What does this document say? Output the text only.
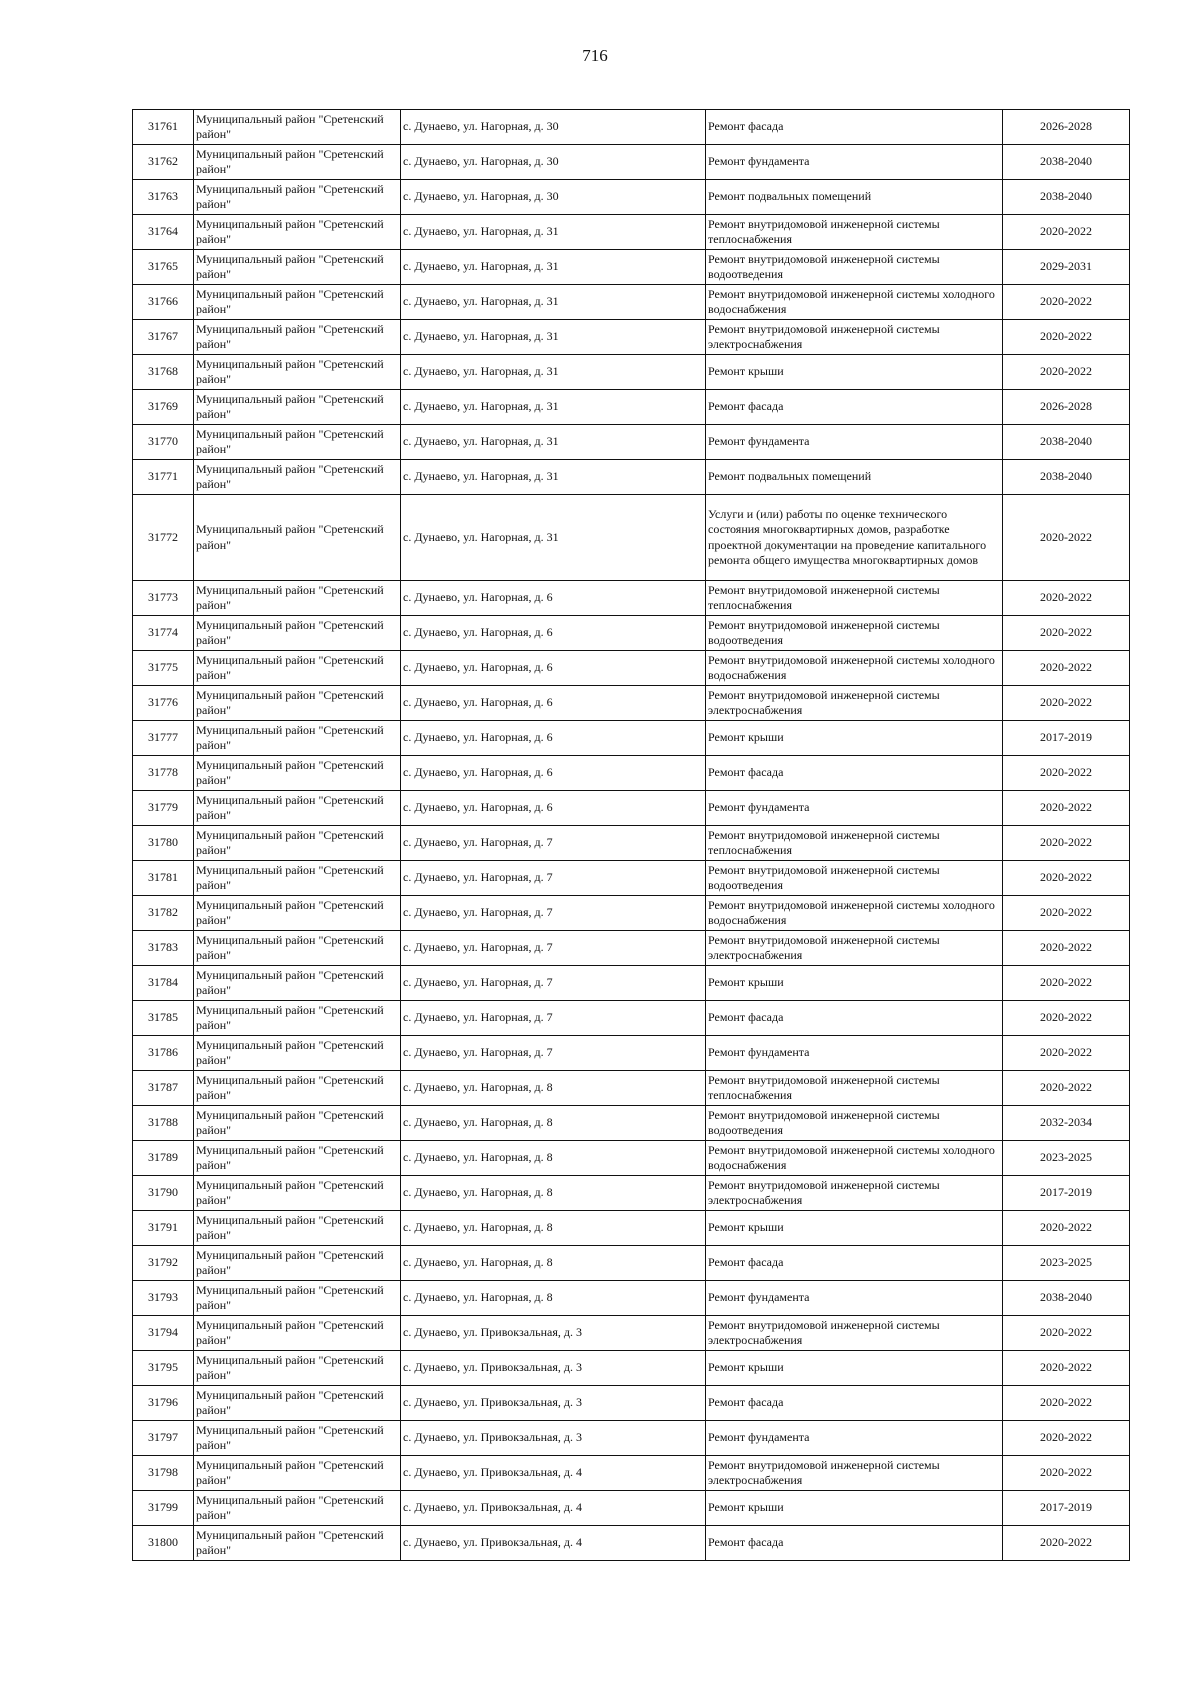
716
31761	Муниципальный район "Сретенский район"	с. Дунаево, ул. Нагорная, д. 30	Ремонт фасада	2026-2028
31762	Муниципальный район "Сретенский район"	с. Дунаево, ул. Нагорная, д. 30	Ремонт фундамента	2038-2040
31763	Муниципальный район "Сретенский район"	с. Дунаево, ул. Нагорная, д. 30	Ремонт подвальных помещений	2038-2040
31764	Муниципальный район "Сретенский район"	с. Дунаево, ул. Нагорная, д. 31	Ремонт внутридомовой инженерной системы теплоснабжения	2020-2022
31765	Муниципальный район "Сретенский район"	с. Дунаево, ул. Нагорная, д. 31	Ремонт внутридомовой инженерной системы водоотведения	2029-2031
31766	Муниципальный район "Сретенский район"	с. Дунаево, ул. Нагорная, д. 31	Ремонт внутридомовой инженерной системы холодного водоснабжения	2020-2022
31767	Муниципальный район "Сретенский район"	с. Дунаево, ул. Нагорная, д. 31	Ремонт внутридомовой инженерной системы электроснабжения	2020-2022
31768	Муниципальный район "Сретенский район"	с. Дунаево, ул. Нагорная, д. 31	Ремонт крыши	2020-2022
31769	Муниципальный район "Сретенский район"	с. Дунаево, ул. Нагорная, д. 31	Ремонт фасада	2026-2028
31770	Муниципальный район "Сретенский район"	с. Дунаево, ул. Нагорная, д. 31	Ремонт фундамента	2038-2040
31771	Муниципальный район "Сретенский район"	с. Дунаево, ул. Нагорная, д. 31	Ремонт подвальных помещений	2038-2040
31772	Муниципальный район "Сретенский район"	с. Дунаево, ул. Нагорная, д. 31	Услуги и (или) работы по оценке технического состояния многоквартирных домов, разработке проектной документации на проведение капитального ремонта общего имущества многоквартирных домов	2020-2022
31773	Муниципальный район "Сретенский район"	с. Дунаево, ул. Нагорная, д. 6	Ремонт внутридомовой инженерной системы теплоснабжения	2020-2022
31774	Муниципальный район "Сретенский район"	с. Дунаево, ул. Нагорная, д. 6	Ремонт внутридомовой инженерной системы водоотведения	2020-2022
31775	Муниципальный район "Сретенский район"	с. Дунаево, ул. Нагорная, д. 6	Ремонт внутридомовой инженерной системы холодного водоснабжения	2020-2022
31776	Муниципальный район "Сретенский район"	с. Дунаево, ул. Нагорная, д. 6	Ремонт внутридомовой инженерной системы электроснабжения	2020-2022
31777	Муниципальный район "Сретенский район"	с. Дунаево, ул. Нагорная, д. 6	Ремонт крыши	2017-2019
31778	Муниципальный район "Сретенский район"	с. Дунаево, ул. Нагорная, д. 6	Ремонт фасада	2020-2022
31779	Муниципальный район "Сретенский район"	с. Дунаево, ул. Нагорная, д. 6	Ремонт фундамента	2020-2022
31780	Муниципальный район "Сретенский район"	с. Дунаево, ул. Нагорная, д. 7	Ремонт внутридомовой инженерной системы теплоснабжения	2020-2022
31781	Муниципальный район "Сретенский район"	с. Дунаево, ул. Нагорная, д. 7	Ремонт внутридомовой инженерной системы водоотведения	2020-2022
31782	Муниципальный район "Сретенский район"	с. Дунаево, ул. Нагорная, д. 7	Ремонт внутридомовой инженерной системы холодного водоснабжения	2020-2022
31783	Муниципальный район "Сретенский район"	с. Дунаево, ул. Нагорная, д. 7	Ремонт внутридомовой инженерной системы электроснабжения	2020-2022
31784	Муниципальный район "Сретенский район"	с. Дунаево, ул. Нагорная, д. 7	Ремонт крыши	2020-2022
31785	Муниципальный район "Сретенский район"	с. Дунаево, ул. Нагорная, д. 7	Ремонт фасада	2020-2022
31786	Муниципальный район "Сретенский район"	с. Дунаево, ул. Нагорная, д. 7	Ремонт фундамента	2020-2022
31787	Муниципальный район "Сретенский район"	с. Дунаево, ул. Нагорная, д. 8	Ремонт внутридомовой инженерной системы теплоснабжения	2020-2022
31788	Муниципальный район "Сретенский район"	с. Дунаево, ул. Нагорная, д. 8	Ремонт внутридомовой инженерной системы водоотведения	2032-2034
31789	Муниципальный район "Сретенский район"	с. Дунаево, ул. Нагорная, д. 8	Ремонт внутридомовой инженерной системы холодного водоснабжения	2023-2025
31790	Муниципальный район "Сретенский район"	с. Дунаево, ул. Нагорная, д. 8	Ремонт внутридомовой инженерной системы электроснабжения	2017-2019
31791	Муниципальный район "Сретенский район"	с. Дунаево, ул. Нагорная, д. 8	Ремонт крыши	2020-2022
31792	Муниципальный район "Сретенский район"	с. Дунаево, ул. Нагорная, д. 8	Ремонт фасада	2023-2025
31793	Муниципальный район "Сретенский район"	с. Дунаево, ул. Нагорная, д. 8	Ремонт фундамента	2038-2040
31794	Муниципальный район "Сретенский район"	с. Дунаево, ул. Привокзальная, д. 3	Ремонт внутридомовой инженерной системы электроснабжения	2020-2022
31795	Муниципальный район "Сретенский район"	с. Дунаево, ул. Привокзальная, д. 3	Ремонт крыши	2020-2022
31796	Муниципальный район "Сретенский район"	с. Дунаево, ул. Привокзальная, д. 3	Ремонт фасада	2020-2022
31797	Муниципальный район "Сретенский район"	с. Дунаево, ул. Привокзальная, д. 3	Ремонт фундамента	2020-2022
31798	Муниципальный район "Сретенский район"	с. Дунаево, ул. Привокзальная, д. 4	Ремонт внутридомовой инженерной системы электроснабжения	2020-2022
31799	Муниципальный район "Сретенский район"	с. Дунаево, ул. Привокзальная, д. 4	Ремонт крыши	2017-2019
31800	Муниципальный район "Сретенский район"	с. Дунаево, ул. Привокзальная, д. 4	Ремонт фасада	2020-2022
